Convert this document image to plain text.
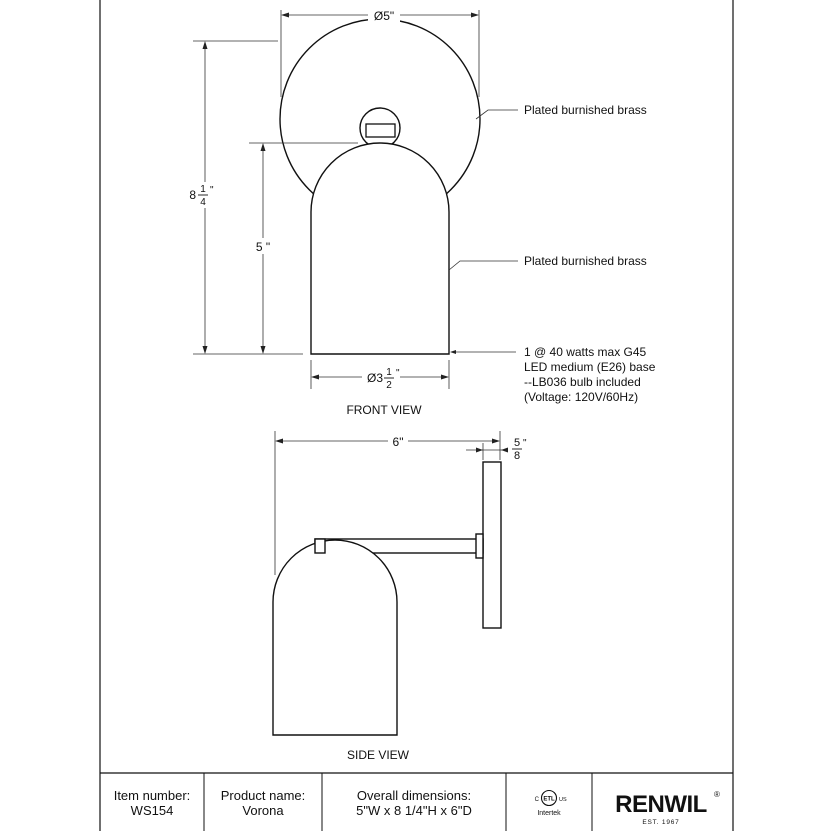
Ø5"
8 1
4
"
5 "
Ø3 1
2
"
Plated burnished brass
Plated burnished brass
1 @ 40 watts max G45
LED medium (E26) base
--LB036 bulb included
(Voltage: 120V/60Hz)
FRONT VIEW
6"	5
8
"
SIDE VIEW
ETL
C	US
Intertek RENWIL ®
EST. 1967
Item number:
WS154
Product name:
Vorona
Overall dimensions:
5"W x 8 1/4"H x 6"D
